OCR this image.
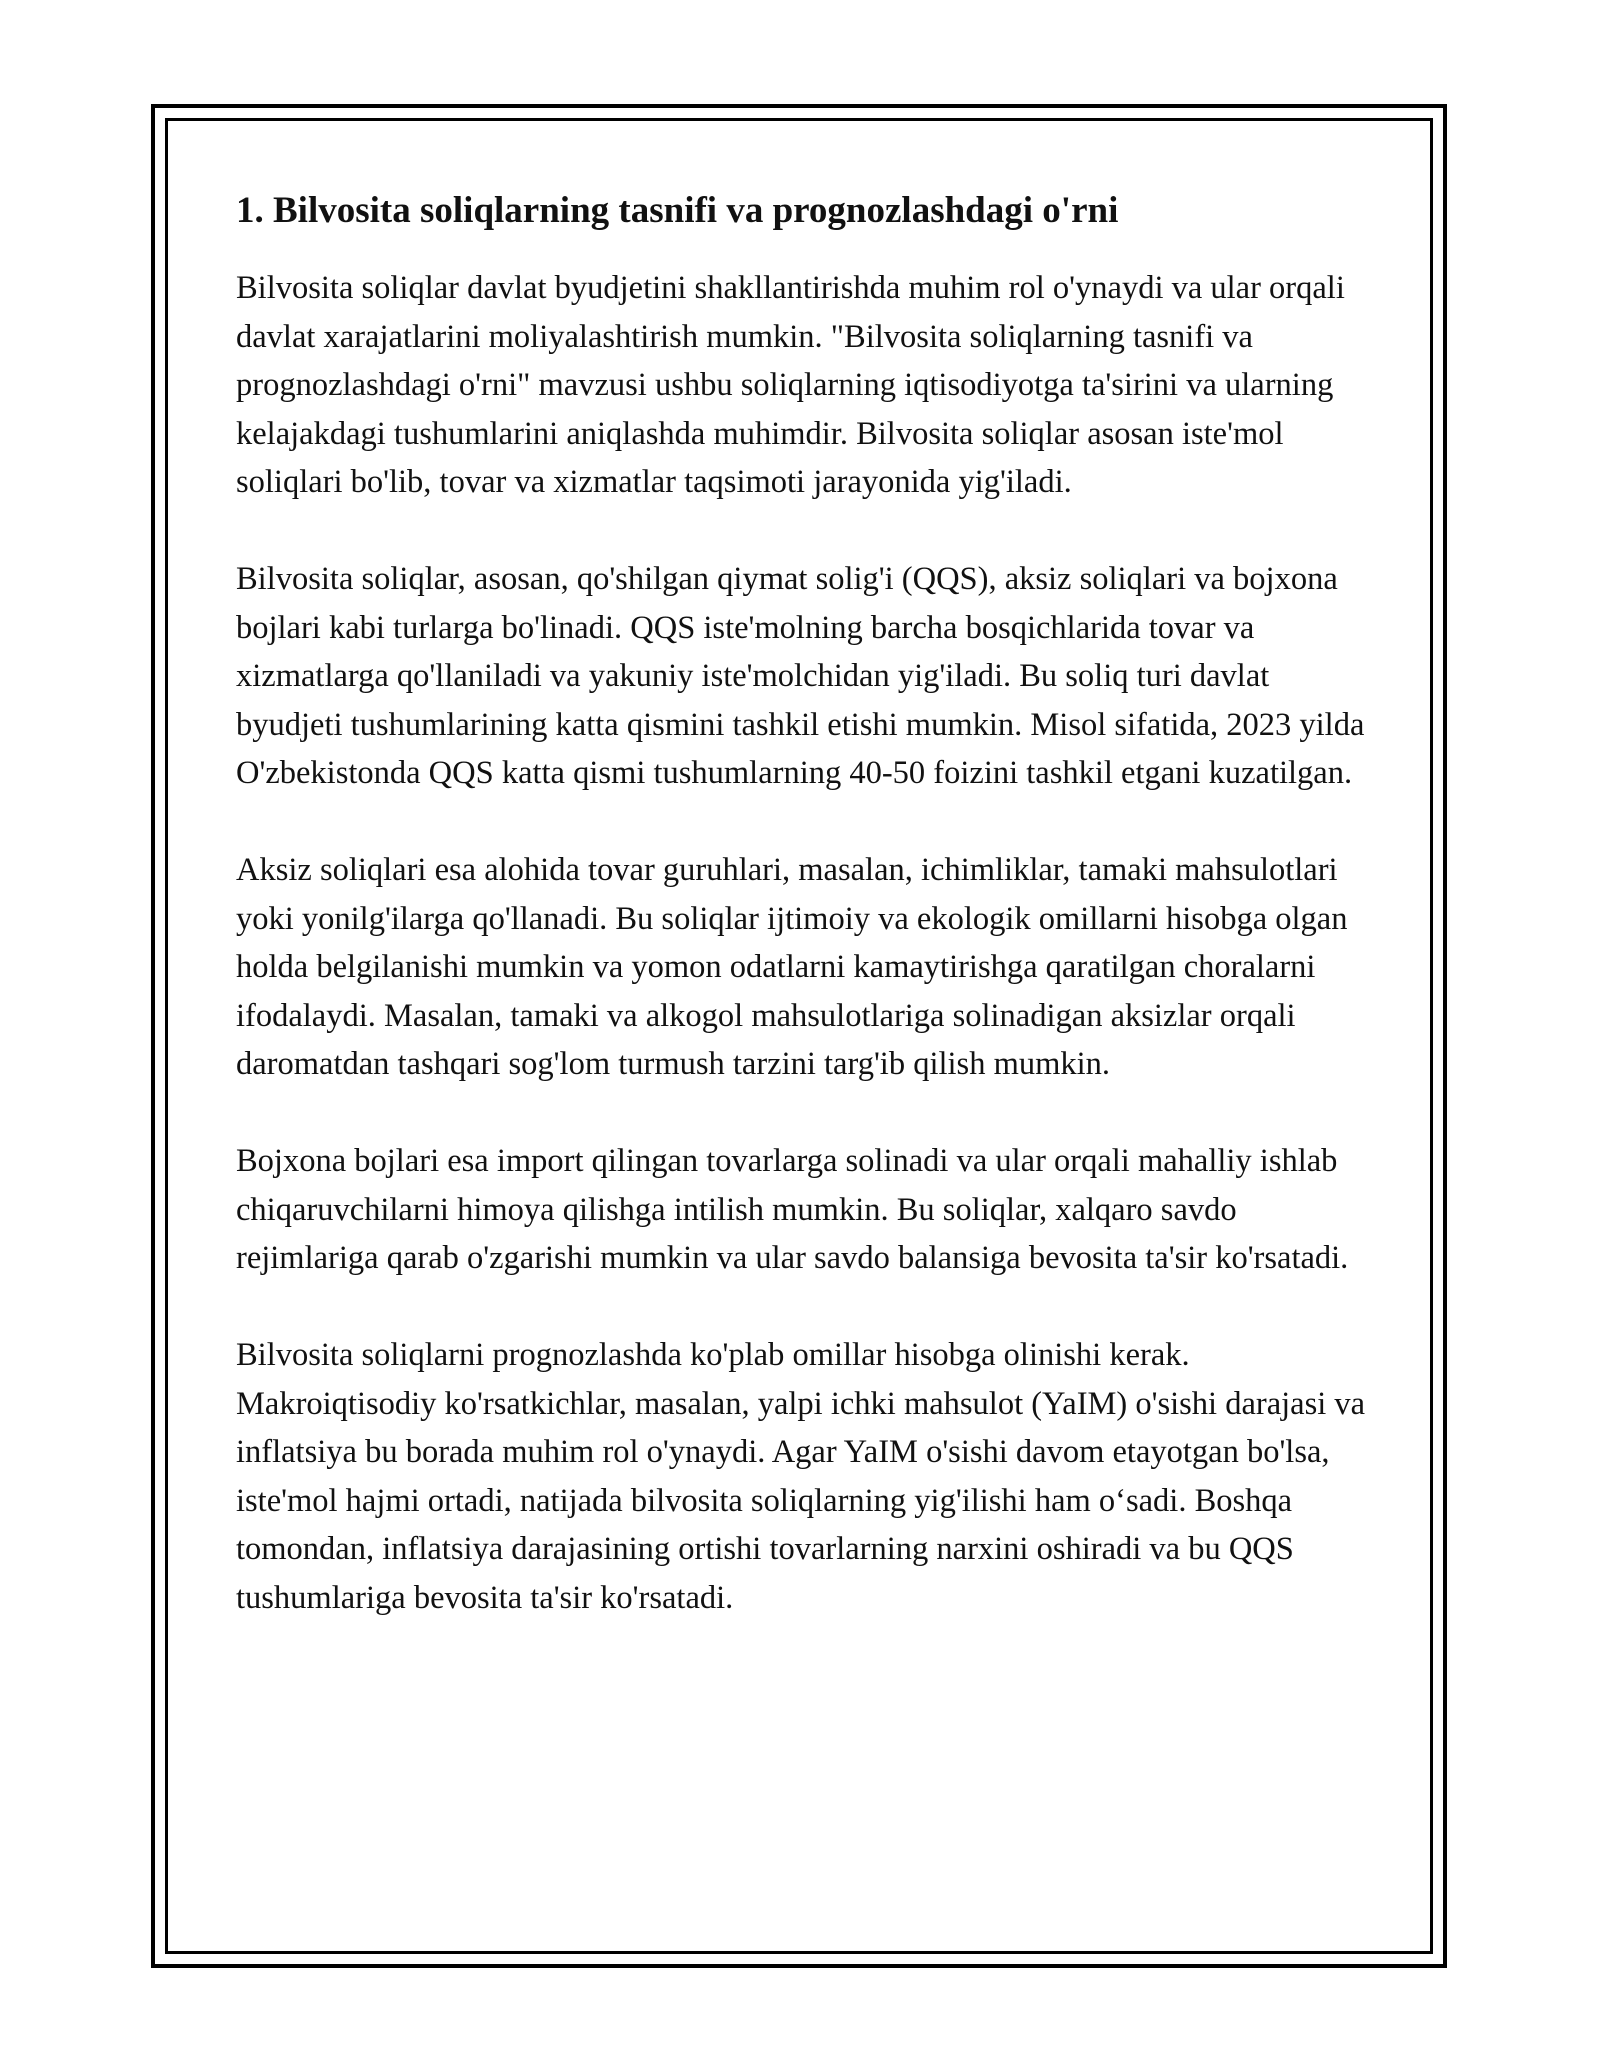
1. Bilvosita soliqlarning tasnifi va prognozlashdagi o'rni

Bilvosita soliqlar davlat byudjetini shakllantirishda muhim rol o'ynaydi va ular orqali davlat xarajatlarini moliyalashtirish mumkin. "Bilvosita soliqlarning tasnifi va prognozlashdagi o'rni" mavzusi ushbu soliqlarning iqtisodiyotga ta'sirini va ularning kelajakdagi tushumlarini aniqlashda muhimdir. Bilvosita soliqlar asosan iste'mol soliqlari bo'lib, tovar va xizmatlar taqsimoti jarayonida yig'iladi.

Bilvosita soliqlar, asosan, qo'shilgan qiymat solig'i (QQS), aksiz soliqlari va bojxona bojlari kabi turlarga bo'linadi. QQS iste'molning barcha bosqichlarida tovar va xizmatlarga qo'llaniladi va yakuniy iste'molchidan yig'iladi. Bu soliq turi davlat byudjeti tushumlarining katta qismini tashkil etishi mumkin. Misol sifatida, 2023 yilda O'zbekistonda QQS katta qismi tushumlarning 40-50 foizini tashkil etgani kuzatilgan.

Aksiz soliqlari esa alohida tovar guruhlari, masalan, ichimliklar, tamaki mahsulotlari yoki yonilg'ilarga qo'llanadi. Bu soliqlar ijtimoiy va ekologik omillarni hisobga olgan holda belgilanishi mumkin va yomon odatlarni kamaytirishga qaratilgan choralarni ifodalaydi. Masalan, tamaki va alkogol mahsulotlariga solinadigan aksizlar orqali daromatdan tashqari sog'lom turmush tarzini targ'ib qilish mumkin.

Bojxona bojlari esa import qilingan tovarlarga solinadi va ular orqali mahalliy ishlab chiqaruvchilarni himoya qilishga intilish mumkin. Bu soliqlar, xalqaro savdo rejimlariga qarab o'zgarishi mumkin va ular savdo balansiga bevosita ta'sir ko'rsatadi.

Bilvosita soliqlarni prognozlashda ko'plab omillar hisobga olinishi kerak. Makroiqtisodiy ko'rsatkichlar, masalan, yalpi ichki mahsulot (YaIM) o'sishi darajasi va inflatsiya bu borada muhim rol o'ynaydi. Agar YaIM o'sishi davom etayotgan bo'lsa, iste'mol hajmi ortadi, natijada bilvosita soliqlarning yig'ilishi ham o‘sadi. Boshqa tomondan, inflatsiya darajasining ortishi tovarlarning narxini oshiradi va bu QQS tushumlariga bevosita ta'sir ko'rsatadi.
